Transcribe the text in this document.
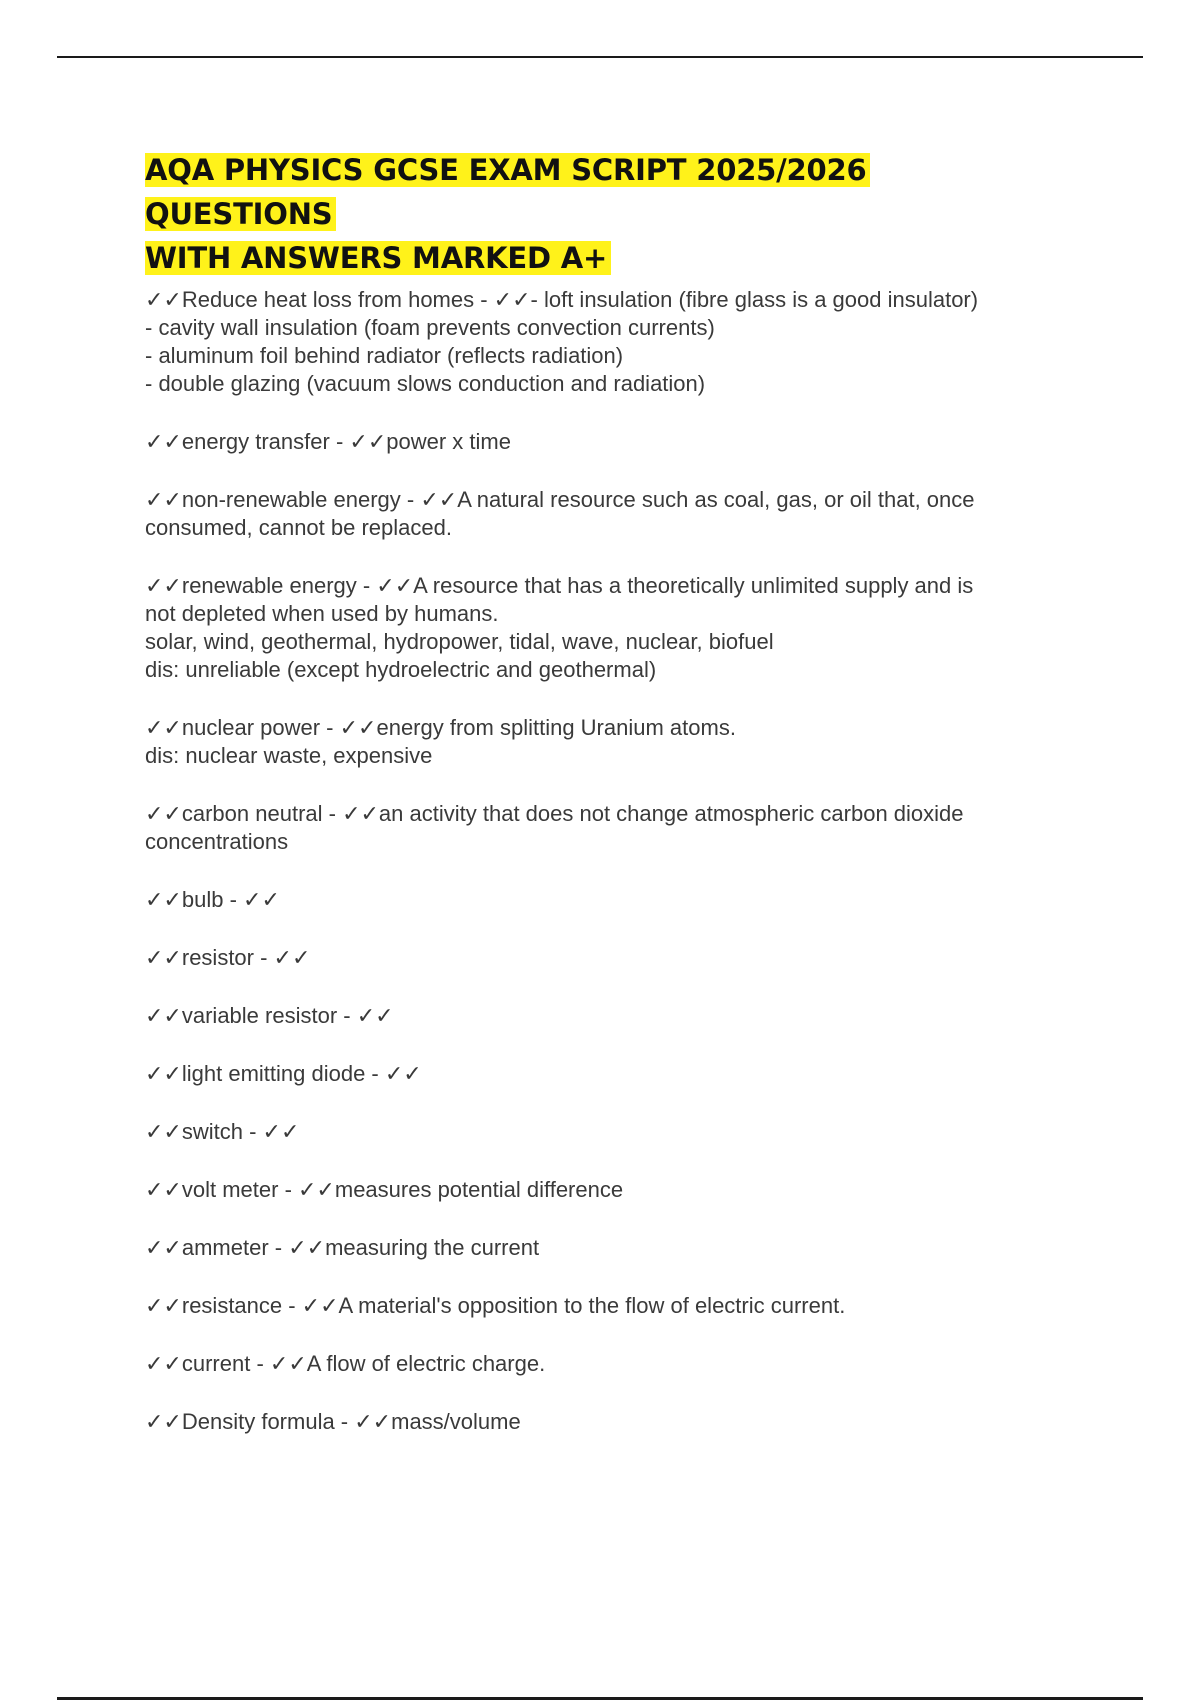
AQA PHYSICS GCSE EXAM SCRIPT 2025/2026 QUESTIONS
WITH ANSWERS MARKED A+

✓✓Reduce heat loss from homes - ✓✓- loft insulation (fibre glass is a good insulator)
- cavity wall insulation (foam prevents convection currents)
- aluminum foil behind radiator (reflects radiation)
- double glazing (vacuum slows conduction and radiation)

✓✓energy transfer - ✓✓power x time

✓✓non-renewable energy - ✓✓A natural resource such as coal, gas, or oil that, once
consumed, cannot be replaced.

✓✓renewable energy - ✓✓A resource that has a theoretically unlimited supply and is
not depleted when used by humans.
solar, wind, geothermal, hydropower, tidal, wave, nuclear, biofuel
dis: unreliable (except hydroelectric and geothermal)

✓✓nuclear power - ✓✓energy from splitting Uranium atoms.
dis: nuclear waste, expensive

✓✓carbon neutral - ✓✓an activity that does not change atmospheric carbon dioxide
concentrations

✓✓bulb - ✓✓

✓✓resistor - ✓✓

✓✓variable resistor - ✓✓

✓✓light emitting diode - ✓✓

✓✓switch - ✓✓

✓✓volt meter - ✓✓measures potential difference

✓✓ammeter - ✓✓measuring the current

✓✓resistance - ✓✓A material's opposition to the flow of electric current.

✓✓current - ✓✓A flow of electric charge.

✓✓Density formula - ✓✓mass/volume
